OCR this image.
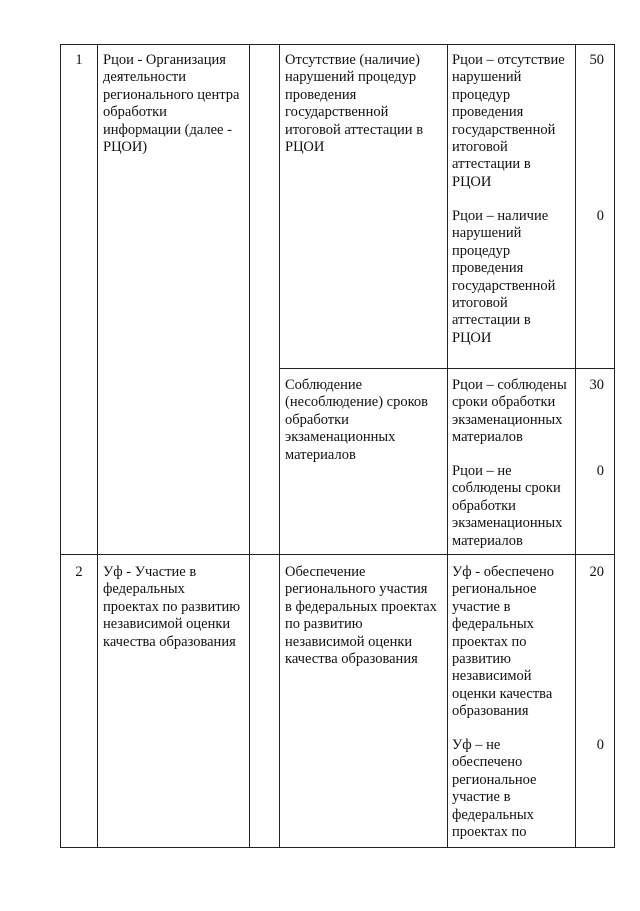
1	Рцои - Организация
деятельности
регионального центра
обработки
информации (далее -
РЦОИ)
Отсутствие (наличие)
нарушений процедур
проведения
государственной
итоговой аттестации в
РЦОИ
Рцои – отсутствие
нарушений
процедур
проведения
государственной
итоговой
аттестации в
РЦОИ
50
Рцои – наличие
нарушений
процедур
проведения
государственной
итоговой
аттестации в
РЦОИ
0
Соблюдение
(несоблюдение) сроков
обработки
экзаменационных
материалов
Рцои – соблюдены
сроки обработки
экзаменационных
материалов
30
Рцои – не
соблюдены сроки
обработки
экзаменационных
материалов
0
2	Уф - Участие в
федеральных
проектах по развитию
независимой оценки
качества образования
Обеспечение
регионального участия
в федеральных проектах
по развитию
независимой оценки
качества образования
Уф - обеспечено
региональное
участие в
федеральных
проектах по
развитию
независимой
оценки качества
образования
20
Уф – не
обеспечено
региональное
участие в
федеральных
проектах по
0
